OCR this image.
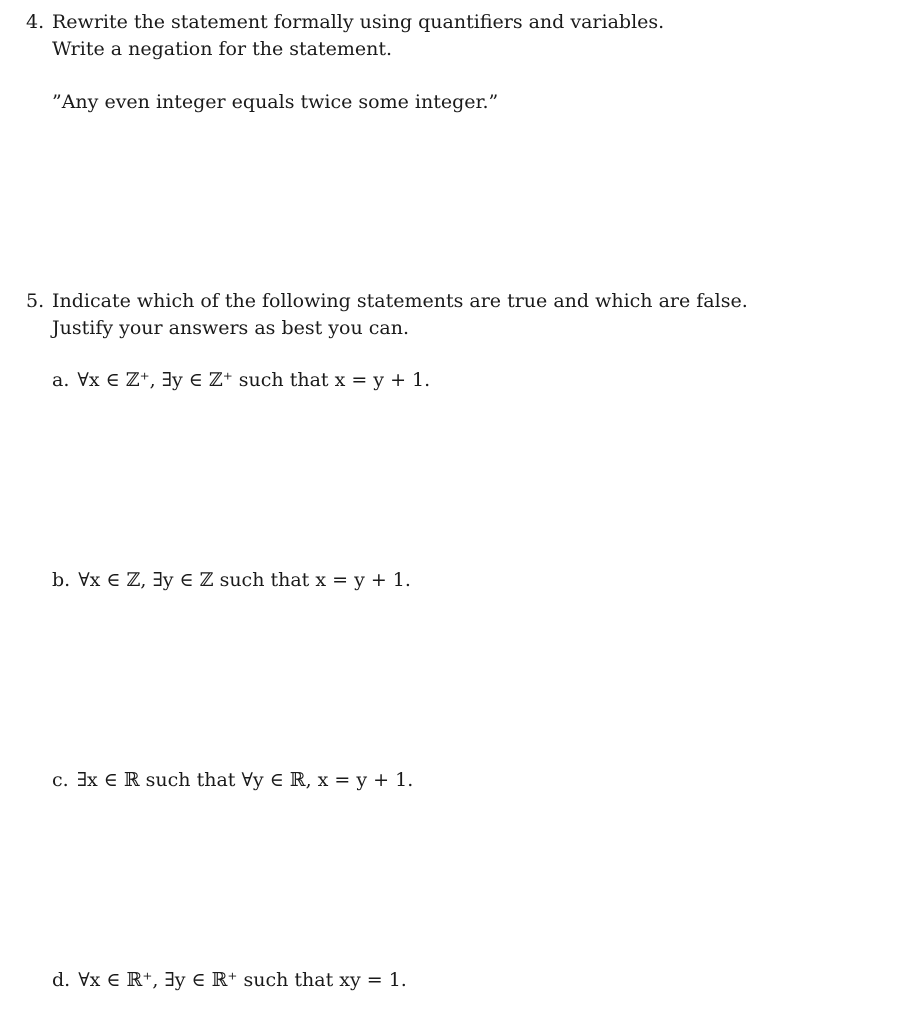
4. Rewrite the statement formally using quantifiers and variables.
Write a negation for the statement.
”Any even integer equals twice some integer.”
5. Indicate which of the following statements are true and which are false.
Justify your answers as best you can.
a. ∀x ∈ ℤ⁺, ∃y ∈ ℤ⁺ such that x = y + 1.
b. ∀x ∈ ℤ, ∃y ∈ ℤ such that x = y + 1.
c. ∃x ∈ ℝ such that ∀y ∈ ℝ, x = y + 1.
d. ∀x ∈ ℝ⁺, ∃y ∈ ℝ⁺ such that xy = 1.
